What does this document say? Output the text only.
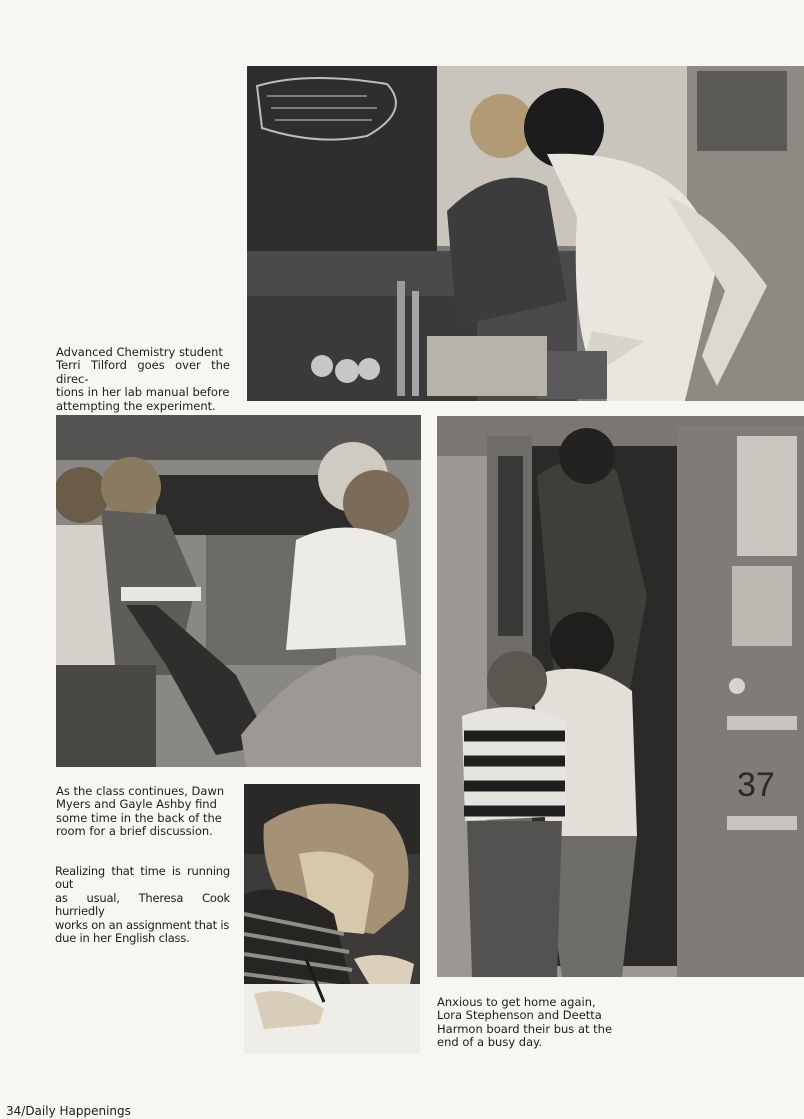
37

Advanced Chemistry student
Terri Tilford goes over the direc-
tions in her lab manual before
attempting the experiment.

As the class continues, Dawn
Myers and Gayle Ashby find
some time in the back of the
room for a brief discussion.

Realizing that time is running out
as usual, Theresa Cook hurriedly
works on an assignment that is
due in her English class.

Anxious to get home again,
Lora Stephenson and Deetta
Harmon board their bus at the
end of a busy day.

34/Daily Happenings
